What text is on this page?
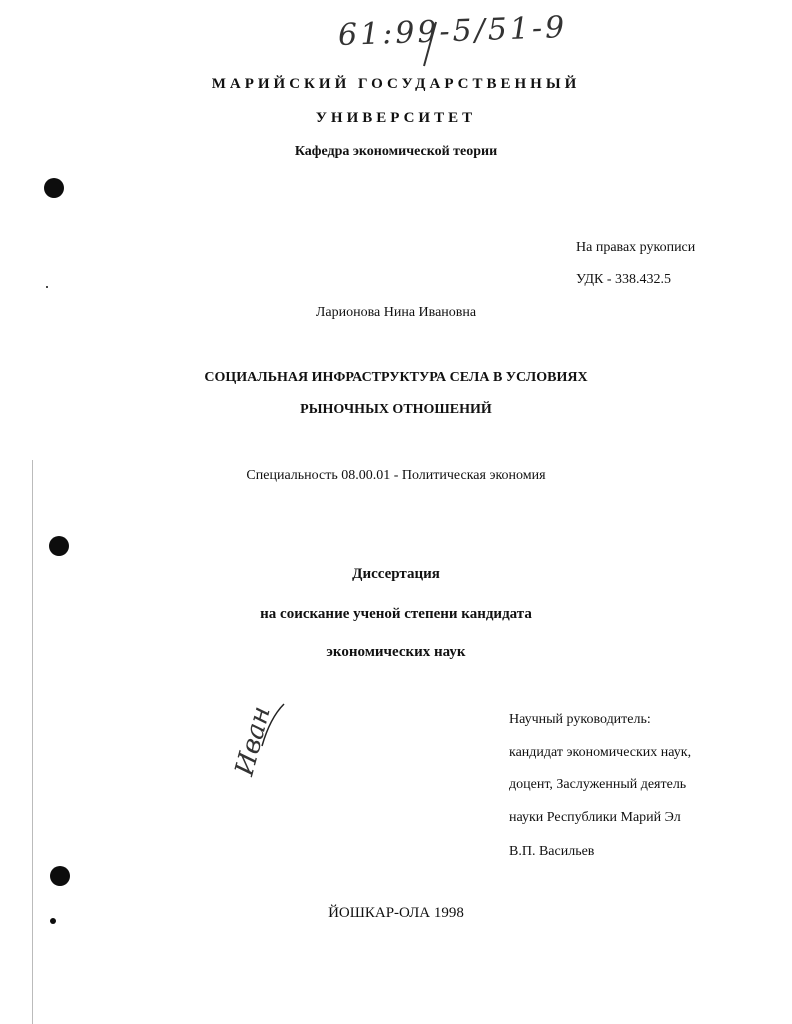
61:99-5/51-9
МАРИЙСКИЙ ГОСУДАРСТВЕННЫЙ
УНИВЕРСИТЕТ
Кафедра экономической теории
На правах рукописи
УДК - 338.432.5
Ларионова Нина Ивановна
СОЦИАЛЬНАЯ ИНФРАСТРУКТУРА СЕЛА В УСЛОВИЯХ
РЫНОЧНЫХ ОТНОШЕНИЙ
Специальность 08.00.01 - Политическая экономия
Диссертация
на соискание ученой степени кандидата
экономических наук
Иван	Научный руководитель:
кандидат экономических наук,
доцент, Заслуженный деятель
науки Республики Марий Эл
В.П. Васильев
ЙОШКАР-ОЛА 1998
